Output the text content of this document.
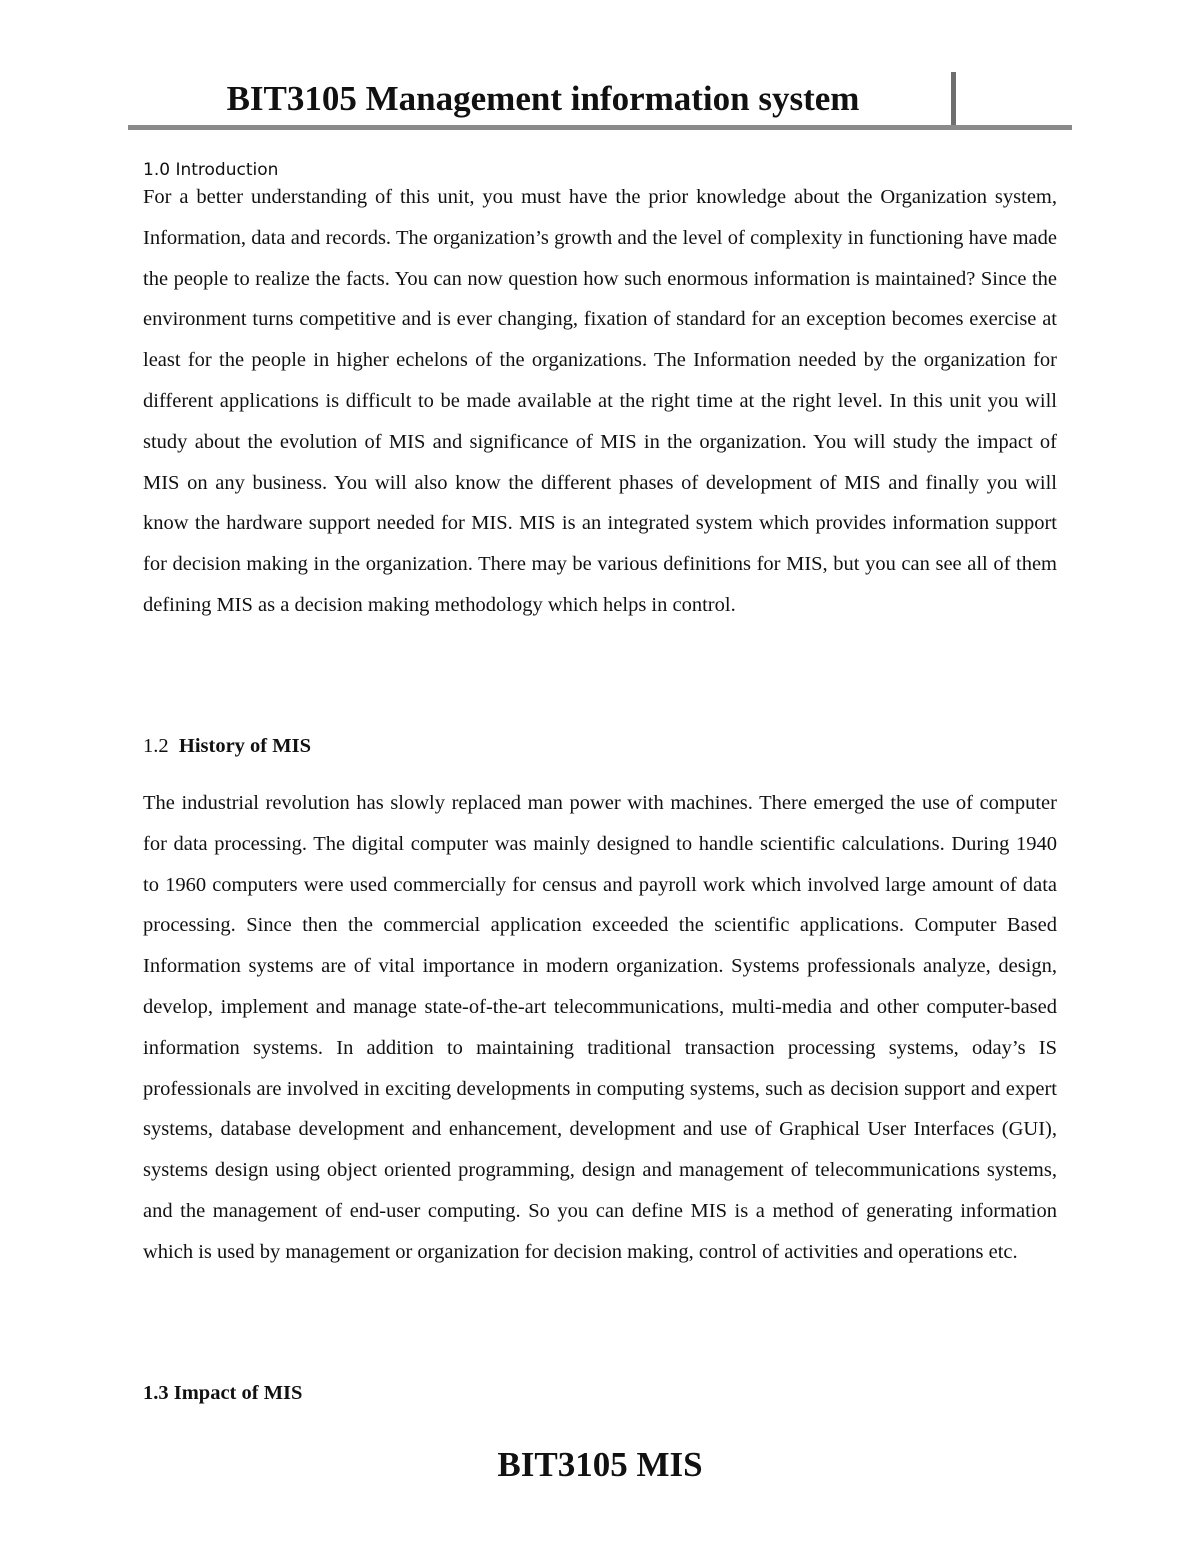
BIT3105 Management information system
1.0 Introduction

For a better understanding of this unit, you must have the prior knowledge about the Organization system, Information, data and records. The organization’s growth and the level of complexity in functioning have made the people to realize the facts. You can now question how such enormous information is maintained? Since the environment turns competitive and is ever changing, fixation of standard for an exception becomes exercise at least for the people in higher echelons of the organizations. The Information needed by the organization for different applications is difficult to be made available at the right time at the right level. In this unit you will study about the evolution of MIS and significance of MIS in the organization. You will study the impact of MIS on any business. You will also know the different phases of development of MIS and finally you will know the hardware support needed for MIS. MIS is an integrated system which provides information support for decision making in the organization. There may be various definitions for MIS, but you can see all of them defining MIS as a decision making methodology which helps in control.

1.2 History of MIS

The industrial revolution has slowly replaced man power with machines. There emerged the use of computer for data processing. The digital computer was mainly designed to handle scientific calculations. During 1940 to 1960 computers were used commercially for census and payroll work which involved large amount of data processing. Since then the commercial application exceeded the scientific applications. Computer Based Information systems are of vital importance in modern organization. Systems professionals analyze, design, develop, implement and manage state-of-the-art telecommunications, multi-media and other computer-based information systems. In addition to maintaining traditional transaction processing systems, oday’s IS professionals are involved in exciting developments in computing systems, such as decision support and expert systems, database development and enhancement, development and use of Graphical User Interfaces (GUI), systems design using object oriented programming, design and management of telecommunications systems, and the management of end-user computing. So you can define MIS is a method of generating information which is used by management or organization for decision making, control of activities and operations etc.

1.3 Impact of MIS
BIT3105 MIS
